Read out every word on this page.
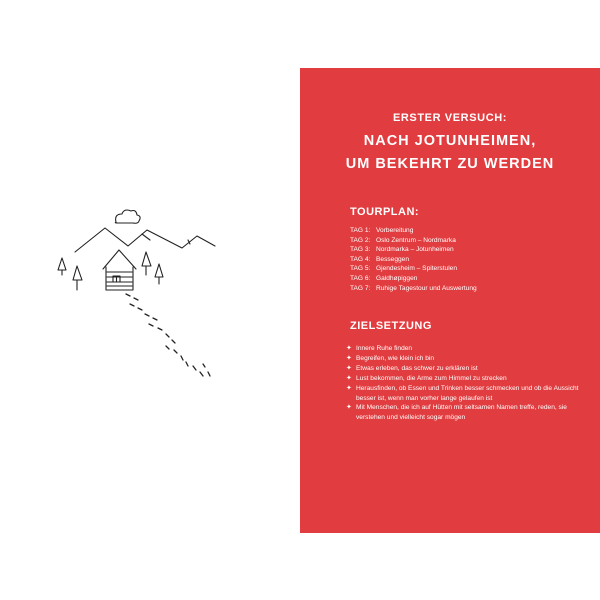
ERSTER VERSUCH:
NACH JOTUNHEIMEN,
UM BEKEHRT ZU WERDEN
TOURPLAN:
TAG 1: Vorbereitung
TAG 2: Oslo Zentrum – Nordmarka
TAG 3: Nordmarka – Jotunheimen
TAG 4: Besseggen
TAG 5: Gjendesheim – Spiterstulen
TAG 6: Galdhøpiggen
TAG 7: Ruhige Tagestour und Auswertung
ZIELSETZUNG
✦ Innere Ruhe finden
✦ Begreifen, wie klein ich bin
✦ Etwas erleben, das schwer zu erklären ist
✦ Lust bekommen, die Arme zum Himmel zu strecken
✦ Herausfinden, ob Essen und Trinken besser schmecken und ob die Aussicht besser ist, wenn man vorher lange gelaufen ist
✦ Mit Menschen, die ich auf Hütten mit seltsamen Namen treffe, reden, sie verstehen und vielleicht sogar mögen
